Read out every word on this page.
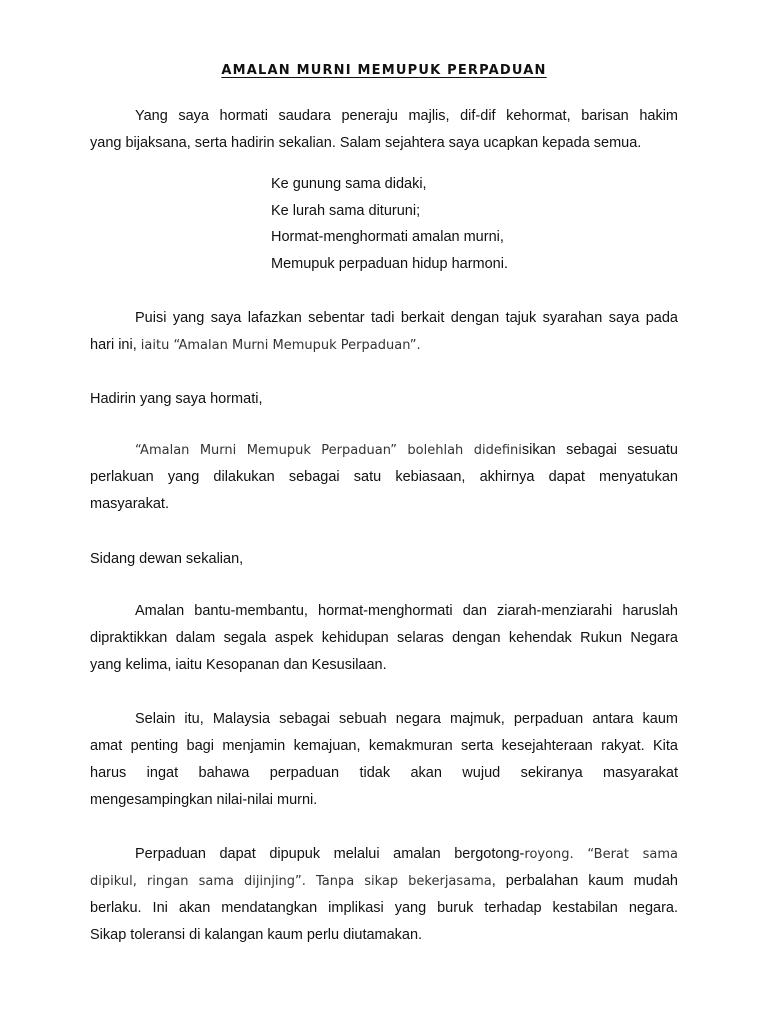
AMALAN MURNI MEMUPUK PERPADUAN
Yang saya hormati saudara peneraju majlis, dif-dif kehormat, barisan hakim
yang bijaksana, serta hadirin sekalian. Salam sejahtera saya ucapkan kepada semua.
Ke gunung sama didaki,
Ke lurah sama dituruni;
Hormat-menghormati amalan murni,
Memupuk perpaduan hidup harmoni.
Puisi yang saya lafazkan sebentar tadi berkait dengan tajuk syarahan saya pada
hari ini, iaitu “Amalan Murni Memupuk Perpaduan”.
Hadirin yang saya hormati,
“Amalan Murni Memupuk Perpaduan” bolehlah didefinisikan sebagai sesuatu
perlakuan yang dilakukan sebagai satu kebiasaan, akhirnya dapat menyatukan
masyarakat.
Sidang dewan sekalian,
Amalan bantu-membantu, hormat-menghormati dan ziarah-menziarahi haruslah
dipraktikkan dalam segala aspek kehidupan selaras dengan kehendak Rukun Negara
yang kelima, iaitu Kesopanan dan Kesusilaan.
Selain itu, Malaysia sebagai sebuah negara majmuk, perpaduan antara kaum
amat penting bagi menjamin kemajuan, kemakmuran serta kesejahteraan rakyat. Kita
harus ingat bahawa perpaduan tidak akan wujud sekiranya masyarakat
mengesampingkan nilai-nilai murni.
Perpaduan dapat dipupuk melalui amalan bergotong-royong. “Berat sama
dipikul, ringan sama dijinjing”. Tanpa sikap bekerjasama, perbalahan kaum mudah
berlaku. Ini akan mendatangkan implikasi yang buruk terhadap kestabilan negara.
Sikap toleransi di kalangan kaum perlu diutamakan.
